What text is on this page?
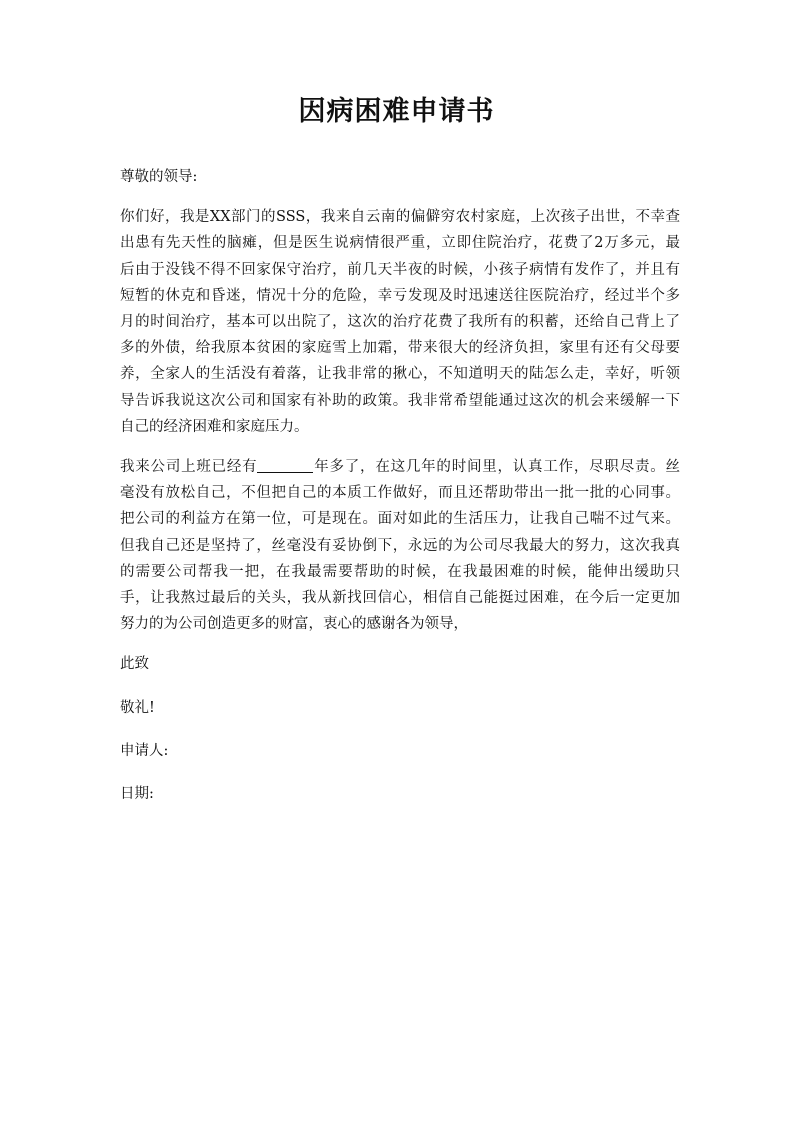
因病困难申请书

尊敬的领导:

你们好，我是XX部门的SSS，我来自云南的偏僻穷农村家庭，上次孩子出世，不幸查
出患有先天性的脑瘫，但是医生说病情很严重，立即住院治疗，花费了2万多元，最
后由于没钱不得不回家保守治疗，前几天半夜的时候，小孩子病情有发作了，并且有
短暂的休克和昏迷，情况十分的危险，幸亏发现及时迅速送往医院治疗，经过半个多
月的时间治疗，基本可以出院了，这次的治疗花费了我所有的积蓄，还给自己背上了
多的外债，给我原本贫困的家庭雪上加霜，带来很大的经济负担，家里有还有父母要
养，全家人的生活没有着落，让我非常的揪心，不知道明天的陆怎么走，幸好，听领
导告诉我说这次公司和国家有补助的政策。我非常希望能通过这次的机会来缓解一下
自己的经济困难和家庭压力。

我来公司上班已经有	年多了，在这几年的时间里，认真工作，尽职尽责。丝
毫没有放松自己，不但把自己的本质工作做好，而且还帮助带出一批一批的心同事。
把公司的利益方在第一位，可是现在。面对如此的生活压力，让我自己喘不过气来。
但我自己还是坚持了，丝毫没有妥协倒下，永远的为公司尽我最大的努力，这次我真
的需要公司帮我一把，在我最需要帮助的时候，在我最困难的时候，能伸出缓助只
手，让我熬过最后的关头，我从新找回信心，相信自己能挺过困难，在今后一定更加
努力的为公司创造更多的财富，衷心的感谢各为领导，

此致

敬礼!

申请人:

日期:
